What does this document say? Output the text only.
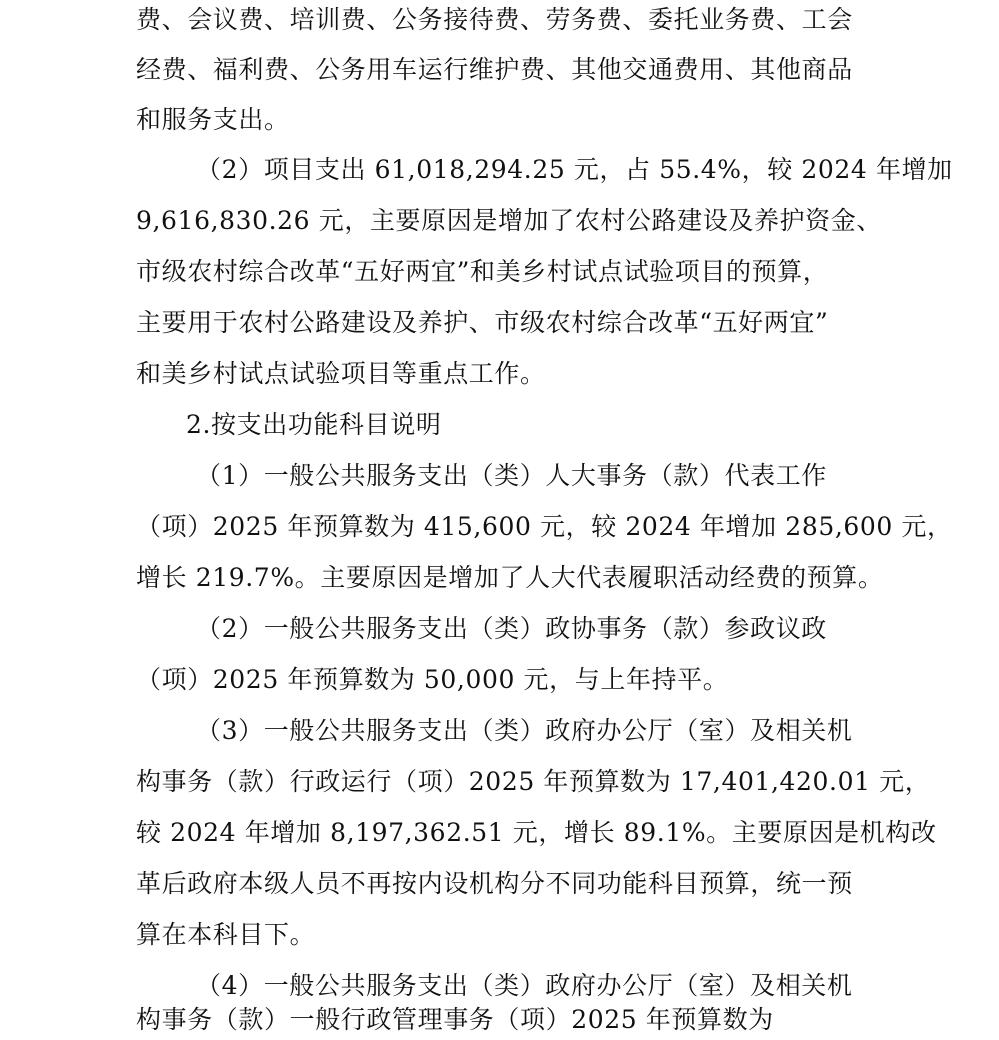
费、会议费、培训费、公务接待费、劳务费、委托业务费、工会
经费、福利费、公务用车运行维护费、其他交通费用、其他商品
和服务支出。
（2）项目支出 61,018,294.25 元，占 55.4%，较 2024 年增加
9,616,830.26 元，主要原因是增加了农村公路建设及养护资金、
市级农村综合改革“五好两宜”和美乡村试点试验项目的预算，
主要用于农村公路建设及养护、市级农村综合改革“五好两宜”
和美乡村试点试验项目等重点工作。
2.按支出功能科目说明
（1）一般公共服务支出（类）人大事务（款）代表工作
（项）2025 年预算数为 415,600 元，较 2024 年增加 285,600 元，
增长 219.7%。主要原因是增加了人大代表履职活动经费的预算。
（2）一般公共服务支出（类）政协事务（款）参政议政
（项）2025 年预算数为 50,000 元，与上年持平。
（3）一般公共服务支出（类）政府办公厅（室）及相关机
构事务（款）行政运行（项）2025 年预算数为 17,401,420.01 元，
较 2024 年增加 8,197,362.51 元，增长 89.1%。主要原因是机构改
革后政府本级人员不再按内设机构分不同功能科目预算，统一预
算在本科目下。
（4）一般公共服务支出（类）政府办公厅（室）及相关机
构事务（款）一般行政管理事务（项）2025 年预算数为
